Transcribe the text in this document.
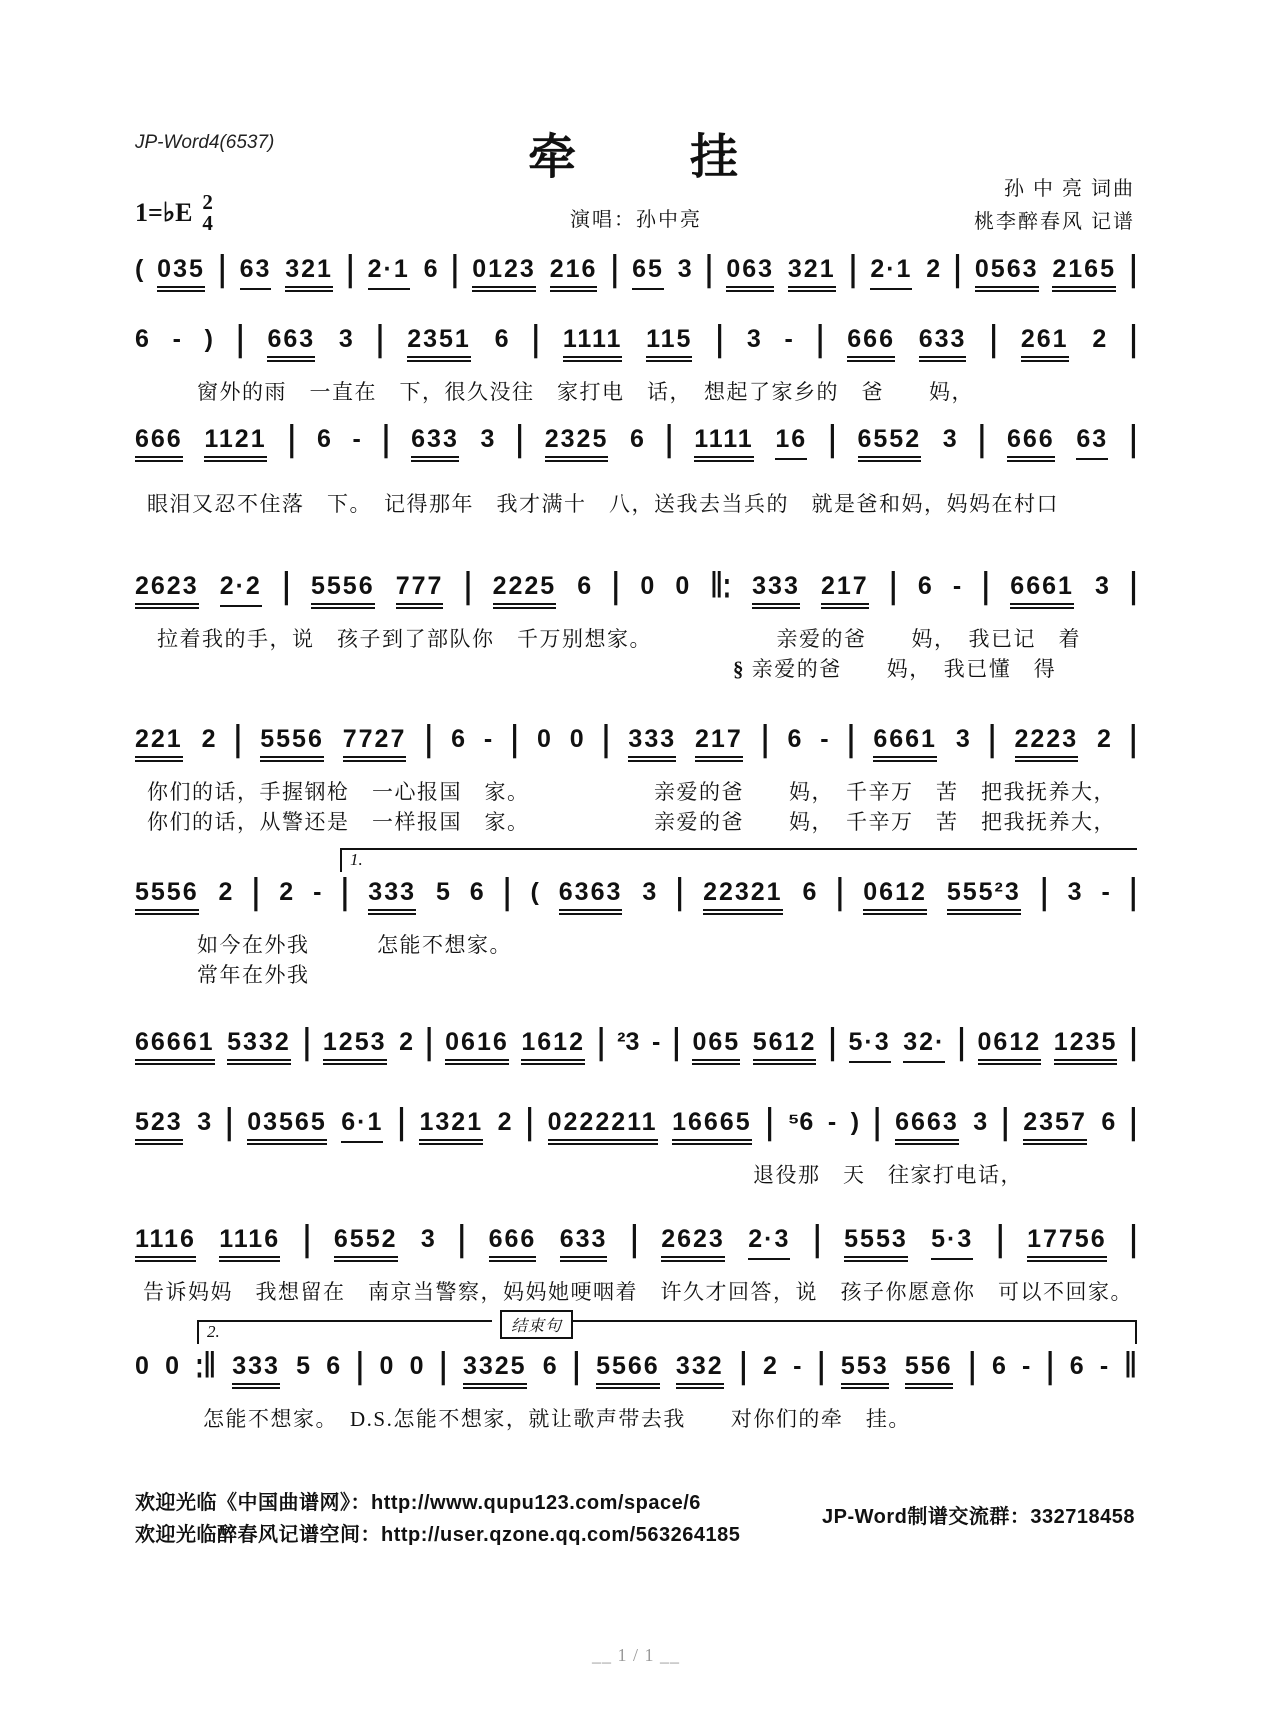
JP-Word4(6537)	牵　　挂
孙 中 亮 词曲
演唱：孙中亮	桃李醉春风 记谱
1=♭E 2
4
( 035 | 63 321 | 2·1 6 | 0123 216 | 65 3 | 063 321 | 2·1 2 | 0563 2165 |
6 - ) | 663 3 | 2351 6 | 1111 115 | 3 - | 666 633 | 261 2 |
窗外的雨　一直在　下，很久没往　家打电　话，　想起了家乡的　爸　　妈，
666 1121 | 6 - | 633 3 | 2325 6 | 1111 16 | 6552 3 | 666 63 |
眼泪又忍不住落　下。　记得那年　我才满十　八，送我去当兵的　就是爸和妈，妈妈在村口
2623 2·2 | 5556 777 | 2225 6 | 0 0 ‖: 333 217 | 6 - | 6661 3 |
拉着我的手，说　孩子到了部队你　千万别想家。　　　　　　亲爱的爸　　妈，　我已记　着
§ 亲爱的爸　　妈，　我已懂　得
221 2 | 5556 7727 | 6 - | 0 0 | 333 217 | 6 - | 6661 3 | 2223 2 |
你们的话，手握钢枪　一心报国　家。　　　　　　亲爱的爸　　妈，　千辛万　苦　把我抚养大，
你们的话，从警还是　一样报国　家。　　　　　　亲爱的爸　　妈，　千辛万　苦　把我抚养大，
1.
5556 2 | 2 - | 333 5 6 | ( 6363 3 | 22321 6 | 0612 555²3 | 3 - |
如今在外我　　　怎能不想家。
常年在外我
66661 5332 | 1253 2 | 0616 1612 | ²3 - | 065 5612 | 5·3 32· | 0612 1235 |
523 3 | 03565 6·1 | 1321 2 | 0222211 16665 | ⁵6 - ) | 6663 3 | 2357 6 |
退役那　天　往家打电话，
1116 1116 | 6552 3 | 666 633 | 2623 2·3 | 5553 5·3 | 17756 |
告诉妈妈　我想留在　南京当警察，妈妈她哽咽着　许久才回答，说　孩子你愿意你　可以不回家。
2.	结束句
0 0 :‖ 333 5 6 | 0 0 | 3325 6 | 5566 332 | 2 - | 553 556 | 6 - | 6 - ‖
怎能不想家。　D.S.怎能不想家，就让歌声带去我　　对你们的牵　挂。
欢迎光临《中国曲谱网》：http://www.qupu123.com/space/6
欢迎光临醉春风记谱空间：http://user.qzone.qq.com/563264185
JP-Word制谱交流群：332718458
__ 1 / 1 __
